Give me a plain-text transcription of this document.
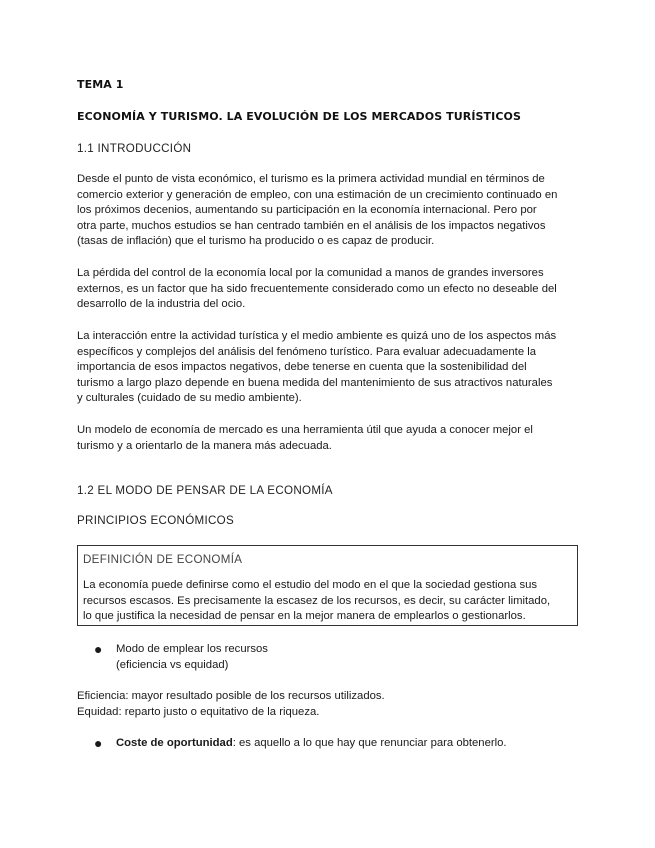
TEMA 1
ECONOMÍA Y TURISMO. LA EVOLUCIÓN DE LOS MERCADOS TURÍSTICOS
1.1 INTRODUCCIÓN
Desde el punto de vista económico, el turismo es la primera actividad mundial en términos de
comercio exterior y generación de empleo, con una estimación de un crecimiento continuado en
los próximos decenios, aumentando su participación en la economía internacional. Pero por
otra parte, muchos estudios se han centrado también en el análisis de los impactos negativos
(tasas de inflación) que el turismo ha producido o es capaz de producir.
La pérdida del control de la economía local por la comunidad a manos de grandes inversores
externos, es un factor que ha sido frecuentemente considerado como un efecto no deseable del
desarrollo de la industria del ocio.
La interacción entre la actividad turística y el medio ambiente es quizá uno de los aspectos más
específicos y complejos del análisis del fenómeno turístico. Para evaluar adecuadamente la
importancia de esos impactos negativos, debe tenerse en cuenta que la sostenibilidad del
turismo a largo plazo depende en buena medida del mantenimiento de sus atractivos naturales
y culturales (cuidado de su medio ambiente).
Un modelo de economía de mercado es una herramienta útil que ayuda a conocer mejor el
turismo y a orientarlo de la manera más adecuada.
1.2 EL MODO DE PENSAR DE LA ECONOMÍA
PRINCIPIOS ECONÓMICOS
DEFINICIÓN DE ECONOMÍA
La economía puede definirse como el estudio del modo en el que la sociedad gestiona sus
recursos escasos. Es precisamente la escasez de los recursos, es decir, su carácter limitado,
lo que justifica la necesidad de pensar en la mejor manera de emplearlos o gestionarlos.
● Modo de emplear los recursos
(eficiencia vs equidad)
Eficiencia: mayor resultado posible de los recursos utilizados.
Equidad: reparto justo o equitativo de la riqueza.
● Coste de oportunidad: es aquello a lo que hay que renunciar para obtenerlo.
